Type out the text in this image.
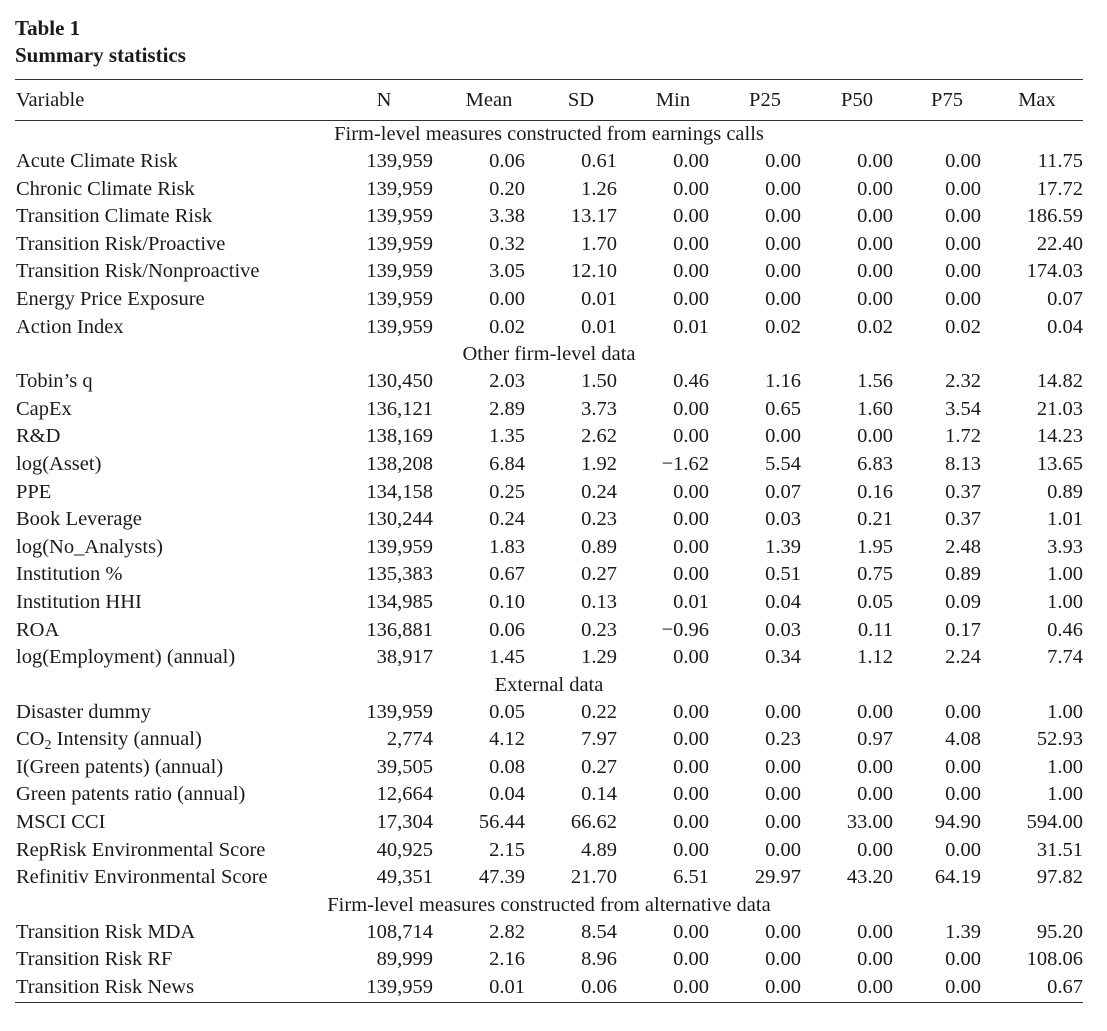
Table 1
Summary statistics
Variable	N	Mean	SD	Min	P25	P50	P75	Max
Firm-level measures constructed from earnings calls								
Acute Climate Risk	139,959	0.06	0.61	0.00	0.00	0.00	0.00	11.75
Chronic Climate Risk	139,959	0.20	1.26	0.00	0.00	0.00	0.00	17.72
Transition Climate Risk	139,959	3.38	13.17	0.00	0.00	0.00	0.00	186.59
Transition Risk/Proactive	139,959	0.32	1.70	0.00	0.00	0.00	0.00	22.40
Transition Risk/Nonproactive	139,959	3.05	12.10	0.00	0.00	0.00	0.00	174.03
Energy Price Exposure	139,959	0.00	0.01	0.00	0.00	0.00	0.00	0.07
Action Index	139,959	0.02	0.01	0.01	0.02	0.02	0.02	0.04
Other firm-level data								
Tobin’s q	130,450	2.03	1.50	0.46	1.16	1.56	2.32	14.82
CapEx	136,121	2.89	3.73	0.00	0.65	1.60	3.54	21.03
R&D	138,169	1.35	2.62	0.00	0.00	0.00	1.72	14.23
log(Asset)	138,208	6.84	1.92	−1.62	5.54	6.83	8.13	13.65
PPE	134,158	0.25	0.24	0.00	0.07	0.16	0.37	0.89
Book Leverage	130,244	0.24	0.23	0.00	0.03	0.21	0.37	1.01
log(No_Analysts)	139,959	1.83	0.89	0.00	1.39	1.95	2.48	3.93
Institution %	135,383	0.67	0.27	0.00	0.51	0.75	0.89	1.00
Institution HHI	134,985	0.10	0.13	0.01	0.04	0.05	0.09	1.00
ROA	136,881	0.06	0.23	−0.96	0.03	0.11	0.17	0.46
log(Employment) (annual)	38,917	1.45	1.29	0.00	0.34	1.12	2.24	7.74
External data								
Disaster dummy	139,959	0.05	0.22	0.00	0.00	0.00	0.00	1.00
$CO_2$ Intensity (annual)	2,774	4.12	7.97	0.00	0.23	0.97	4.08	52.93
I(Green patents) (annual)	39,505	0.08	0.27	0.00	0.00	0.00	0.00	1.00
Green patents ratio (annual)	12,664	0.04	0.14	0.00	0.00	0.00	0.00	1.00
MSCI CCI	17,304	56.44	66.62	0.00	0.00	33.00	94.90	594.00
RepRisk Environmental Score	40,925	2.15	4.89	0.00	0.00	0.00	0.00	31.51
Refinitiv Environmental Score	49,351	47.39	21.70	6.51	29.97	43.20	64.19	97.82
Firm-level measures constructed from alternative data								
Transition Risk MDA	108,714	2.82	8.54	0.00	0.00	0.00	1.39	95.20
Transition Risk RF	89,999	2.16	8.96	0.00	0.00	0.00	0.00	108.06
Transition Risk News	139,959	0.01	0.06	0.00	0.00	0.00	0.00	0.67
